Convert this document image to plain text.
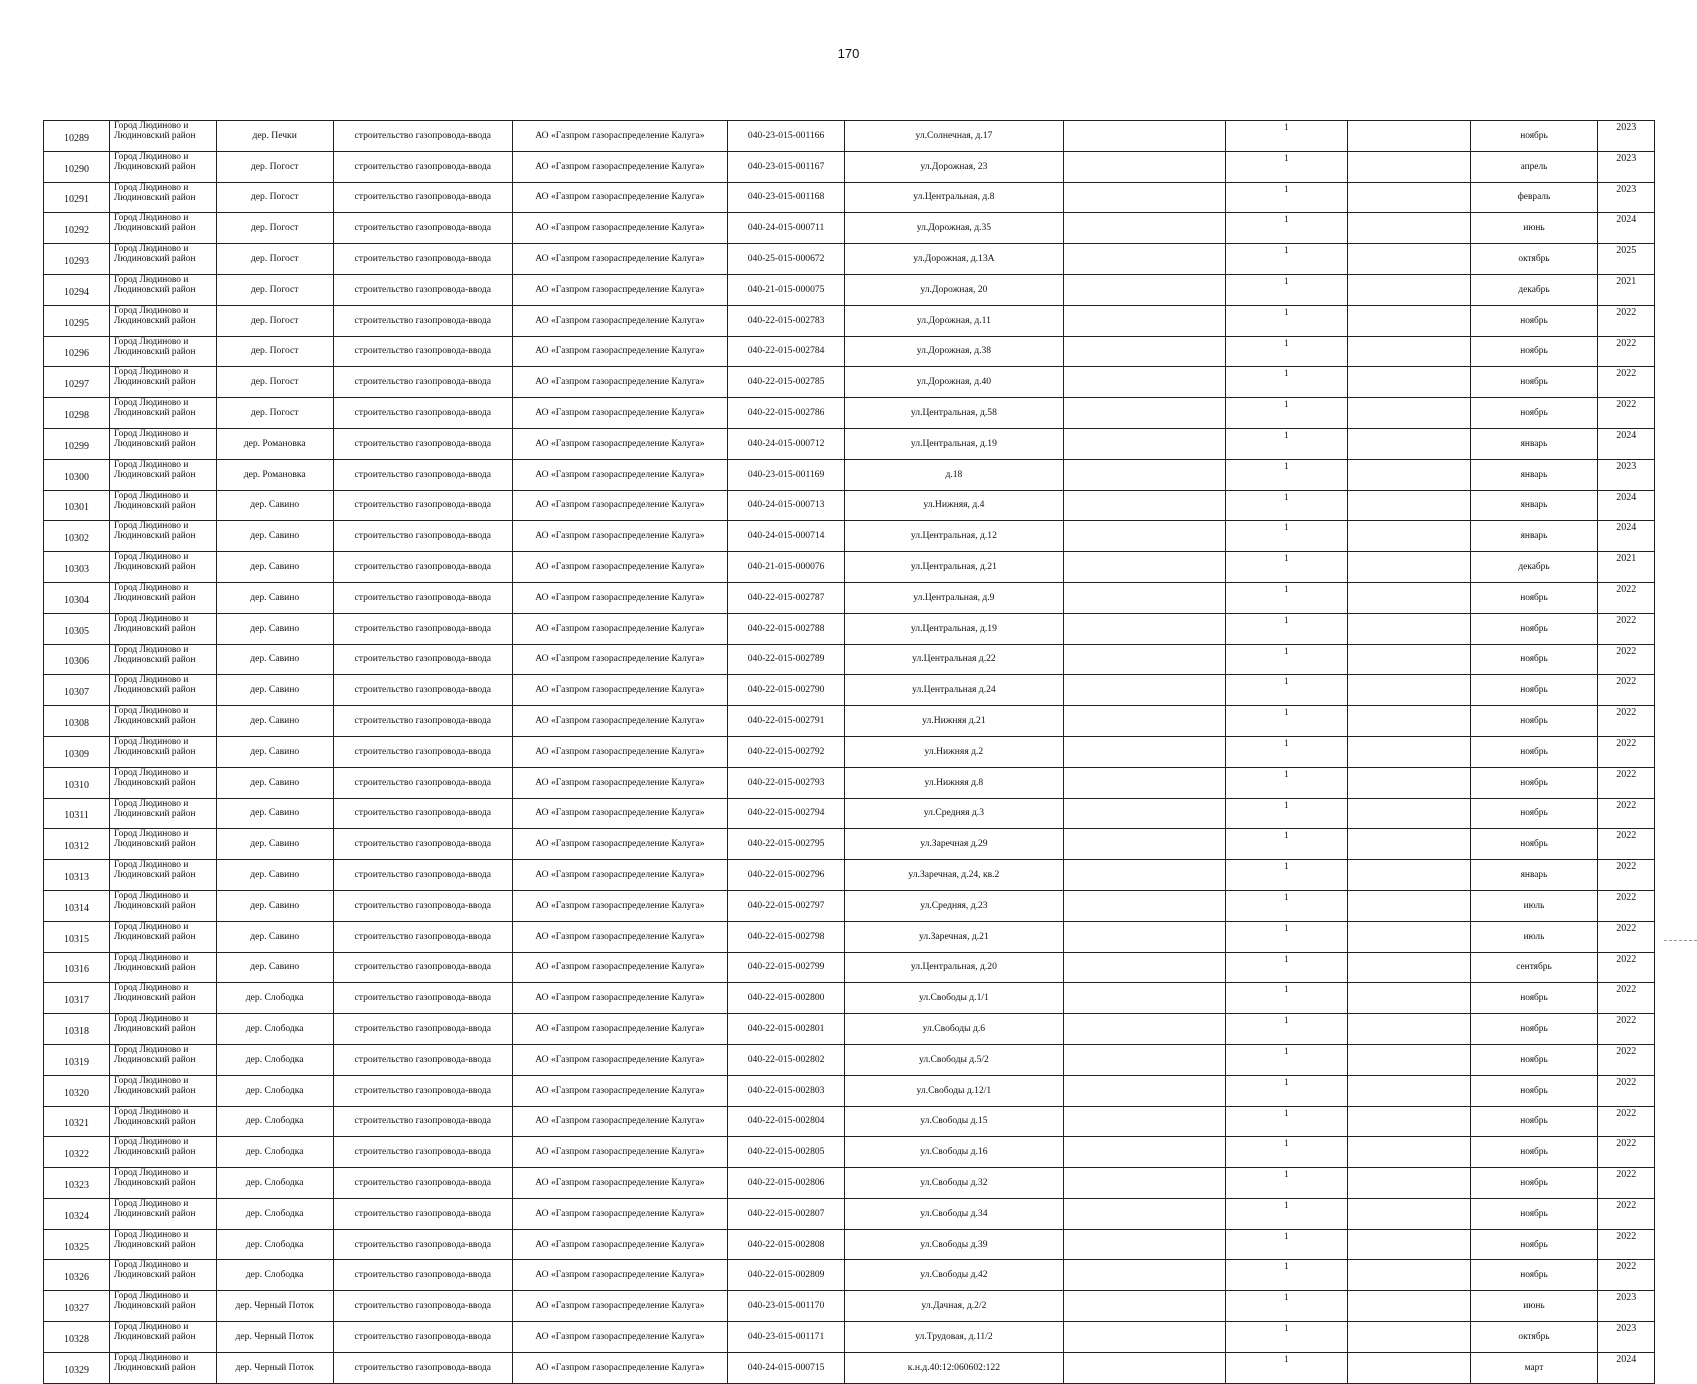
170
10289	Город Людиново и Людиновский район	дер. Печки	строительство газопровода-ввода	АО «Газпром газораспределение Калуга»	040-23-015-001166	ул.Солнечная, д.17		1		ноябрь	2023
10290	Город Людиново и Людиновский район	дер. Погост	строительство газопровода-ввода	АО «Газпром газораспределение Калуга»	040-23-015-001167	ул.Дорожная, 23		1		апрель	2023
10291	Город Людиново и Людиновский район	дер. Погост	строительство газопровода-ввода	АО «Газпром газораспределение Калуга»	040-23-015-001168	ул.Центральная, д.8		1		февраль	2023
10292	Город Людиново и Людиновский район	дер. Погост	строительство газопровода-ввода	АО «Газпром газораспределение Калуга»	040-24-015-000711	ул.Дорожная, д.35		1		июнь	2024
10293	Город Людиново и Людиновский район	дер. Погост	строительство газопровода-ввода	АО «Газпром газораспределение Калуга»	040-25-015-000672	ул.Дорожная, д.13А		1		октябрь	2025
10294	Город Людиново и Людиновский район	дер. Погост	строительство газопровода-ввода	АО «Газпром газораспределение Калуга»	040-21-015-000075	ул.Дорожная, 20		1		декабрь	2021
10295	Город Людиново и Людиновский район	дер. Погост	строительство газопровода-ввода	АО «Газпром газораспределение Калуга»	040-22-015-002783	ул.Дорожная, д.11		1		ноябрь	2022
10296	Город Людиново и Людиновский район	дер. Погост	строительство газопровода-ввода	АО «Газпром газораспределение Калуга»	040-22-015-002784	ул.Дорожная, д.38		1		ноябрь	2022
10297	Город Людиново и Людиновский район	дер. Погост	строительство газопровода-ввода	АО «Газпром газораспределение Калуга»	040-22-015-002785	ул.Дорожная, д.40		1		ноябрь	2022
10298	Город Людиново и Людиновский район	дер. Погост	строительство газопровода-ввода	АО «Газпром газораспределение Калуга»	040-22-015-002786	ул.Центральная, д.58		1		ноябрь	2022
10299	Город Людиново и Людиновский район	дер. Романовка	строительство газопровода-ввода	АО «Газпром газораспределение Калуга»	040-24-015-000712	ул.Центральная, д.19		1		январь	2024
10300	Город Людиново и Людиновский район	дер. Романовка	строительство газопровода-ввода	АО «Газпром газораспределение Калуга»	040-23-015-001169	д.18		1		январь	2023
10301	Город Людиново и Людиновский район	дер. Савино	строительство газопровода-ввода	АО «Газпром газораспределение Калуга»	040-24-015-000713	ул.Нижняя, д.4		1		январь	2024
10302	Город Людиново и Людиновский район	дер. Савино	строительство газопровода-ввода	АО «Газпром газораспределение Калуга»	040-24-015-000714	ул.Центральная, д.12		1		январь	2024
10303	Город Людиново и Людиновский район	дер. Савино	строительство газопровода-ввода	АО «Газпром газораспределение Калуга»	040-21-015-000076	ул.Центральная, д.21		1		декабрь	2021
10304	Город Людиново и Людиновский район	дер. Савино	строительство газопровода-ввода	АО «Газпром газораспределение Калуга»	040-22-015-002787	ул.Центральная, д.9		1		ноябрь	2022
10305	Город Людиново и Людиновский район	дер. Савино	строительство газопровода-ввода	АО «Газпром газораспределение Калуга»	040-22-015-002788	ул.Центральная, д.19		1		ноябрь	2022
10306	Город Людиново и Людиновский район	дер. Савино	строительство газопровода-ввода	АО «Газпром газораспределение Калуга»	040-22-015-002789	ул.Центральная д.22		1		ноябрь	2022
10307	Город Людиново и Людиновский район	дер. Савино	строительство газопровода-ввода	АО «Газпром газораспределение Калуга»	040-22-015-002790	ул.Центральная д.24		1		ноябрь	2022
10308	Город Людиново и Людиновский район	дер. Савино	строительство газопровода-ввода	АО «Газпром газораспределение Калуга»	040-22-015-002791	ул.Нижняя д.21		1		ноябрь	2022
10309	Город Людиново и Людиновский район	дер. Савино	строительство газопровода-ввода	АО «Газпром газораспределение Калуга»	040-22-015-002792	ул.Нижняя д.2		1		ноябрь	2022
10310	Город Людиново и Людиновский район	дер. Савино	строительство газопровода-ввода	АО «Газпром газораспределение Калуга»	040-22-015-002793	ул.Нижняя д.8		1		ноябрь	2022
10311	Город Людиново и Людиновский район	дер. Савино	строительство газопровода-ввода	АО «Газпром газораспределение Калуга»	040-22-015-002794	ул.Средняя д.3		1		ноябрь	2022
10312	Город Людиново и Людиновский район	дер. Савино	строительство газопровода-ввода	АО «Газпром газораспределение Калуга»	040-22-015-002795	ул.Заречная д.29		1		ноябрь	2022
10313	Город Людиново и Людиновский район	дер. Савино	строительство газопровода-ввода	АО «Газпром газораспределение Калуга»	040-22-015-002796	ул.Заречная, д.24, кв.2		1		январь	2022
10314	Город Людиново и Людиновский район	дер. Савино	строительство газопровода-ввода	АО «Газпром газораспределение Калуга»	040-22-015-002797	ул.Средняя, д.23		1		июль	2022
10315	Город Людиново и Людиновский район	дер. Савино	строительство газопровода-ввода	АО «Газпром газораспределение Калуга»	040-22-015-002798	ул.Заречная, д.21		1		июль	2022
10316	Город Людиново и Людиновский район	дер. Савино	строительство газопровода-ввода	АО «Газпром газораспределение Калуга»	040-22-015-002799	ул.Центральная, д.20		1		сентябрь	2022
10317	Город Людиново и Людиновский район	дер. Слободка	строительство газопровода-ввода	АО «Газпром газораспределение Калуга»	040-22-015-002800	ул.Свободы д.1/1		1		ноябрь	2022
10318	Город Людиново и Людиновский район	дер. Слободка	строительство газопровода-ввода	АО «Газпром газораспределение Калуга»	040-22-015-002801	ул.Свободы д.6		1		ноябрь	2022
10319	Город Людиново и Людиновский район	дер. Слободка	строительство газопровода-ввода	АО «Газпром газораспределение Калуга»	040-22-015-002802	ул.Свободы д.5/2		1		ноябрь	2022
10320	Город Людиново и Людиновский район	дер. Слободка	строительство газопровода-ввода	АО «Газпром газораспределение Калуга»	040-22-015-002803	ул.Свободы д.12/1		1		ноябрь	2022
10321	Город Людиново и Людиновский район	дер. Слободка	строительство газопровода-ввода	АО «Газпром газораспределение Калуга»	040-22-015-002804	ул.Свободы д.15		1		ноябрь	2022
10322	Город Людиново и Людиновский район	дер. Слободка	строительство газопровода-ввода	АО «Газпром газораспределение Калуга»	040-22-015-002805	ул.Свободы д.16		1		ноябрь	2022
10323	Город Людиново и Людиновский район	дер. Слободка	строительство газопровода-ввода	АО «Газпром газораспределение Калуга»	040-22-015-002806	ул.Свободы д.32		1		ноябрь	2022
10324	Город Людиново и Людиновский район	дер. Слободка	строительство газопровода-ввода	АО «Газпром газораспределение Калуга»	040-22-015-002807	ул.Свободы д.34		1		ноябрь	2022
10325	Город Людиново и Людиновский район	дер. Слободка	строительство газопровода-ввода	АО «Газпром газораспределение Калуга»	040-22-015-002808	ул.Свободы д.39		1		ноябрь	2022
10326	Город Людиново и Людиновский район	дер. Слободка	строительство газопровода-ввода	АО «Газпром газораспределение Калуга»	040-22-015-002809	ул.Свободы д.42		1		ноябрь	2022
10327	Город Людиново и Людиновский район	дер. Черный Поток	строительство газопровода-ввода	АО «Газпром газораспределение Калуга»	040-23-015-001170	ул.Дачная, д.2/2		1		июнь	2023
10328	Город Людиново и Людиновский район	дер. Черный Поток	строительство газопровода-ввода	АО «Газпром газораспределение Калуга»	040-23-015-001171	ул.Трудовая, д.11/2		1		октябрь	2023
10329	Город Людиново и Людиновский район	дер. Черный Поток	строительство газопровода-ввода	АО «Газпром газораспределение Калуга»	040-24-015-000715	к.н.д.40:12:060602:122		1		март	2024
